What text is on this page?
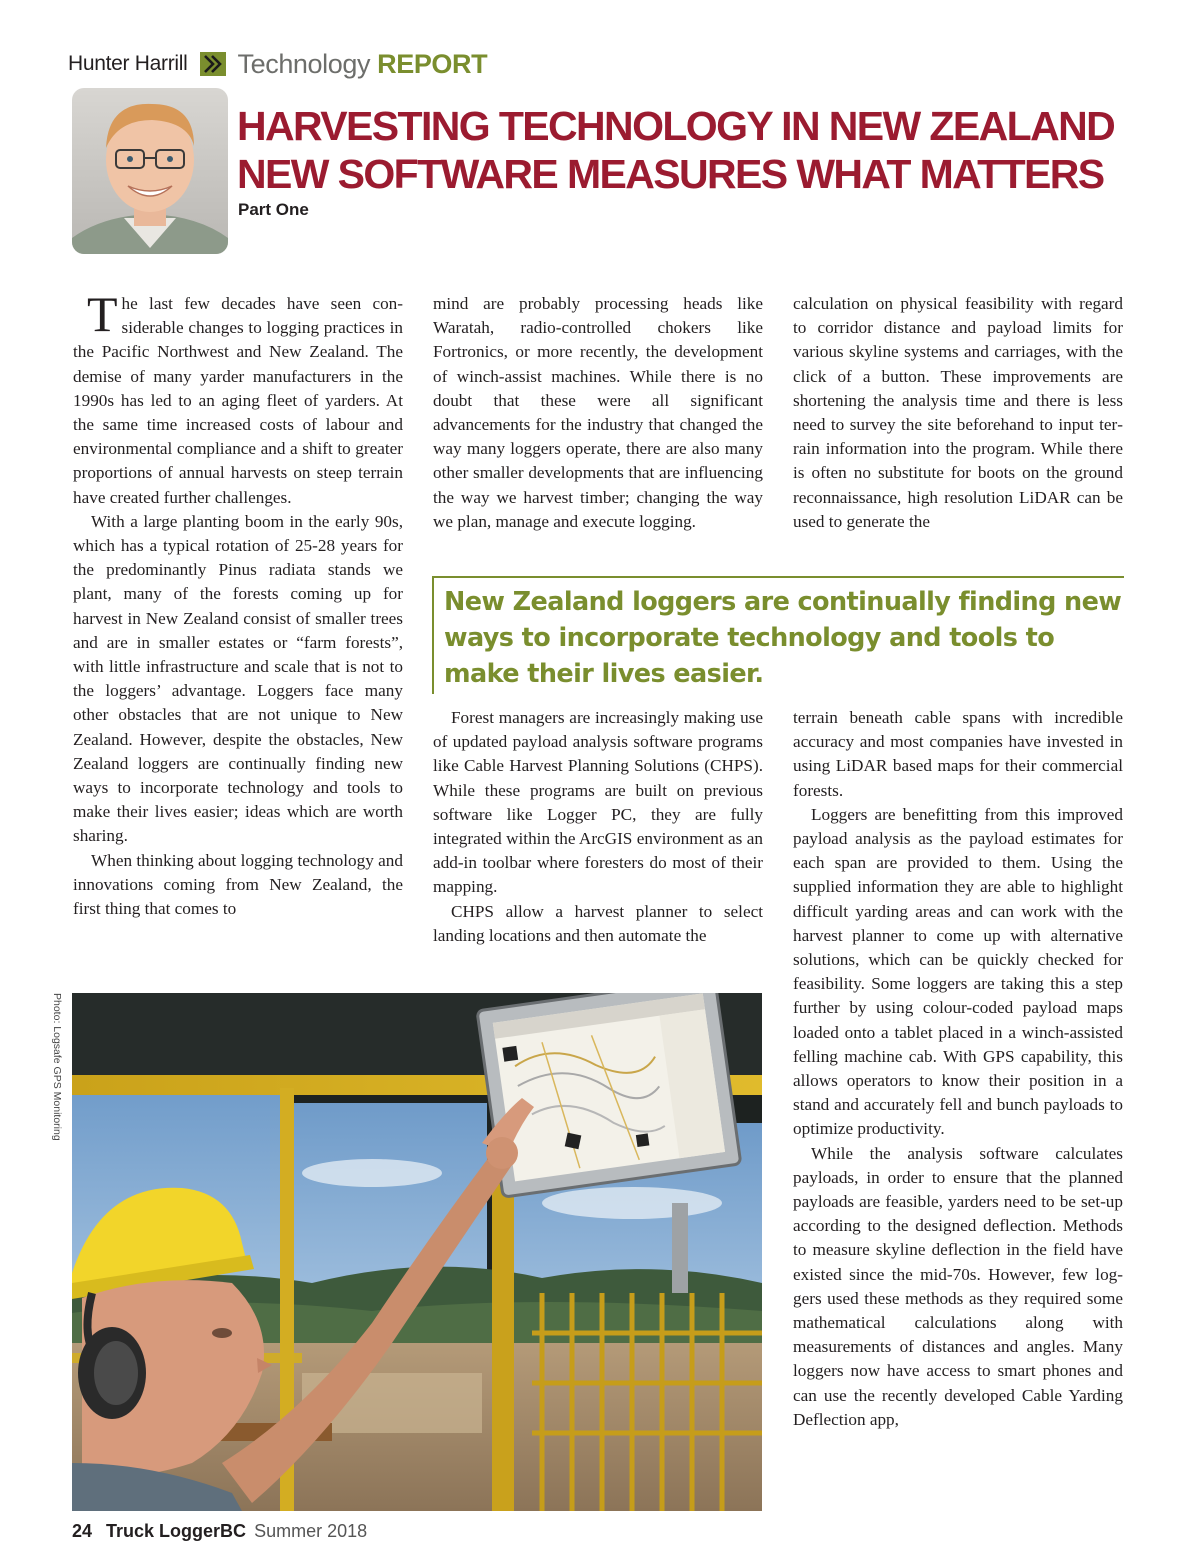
Hunter Harrill Technology REPORT
HARVESTING TECHNOLOGY IN NEW ZEALAND
NEW SOFTWARE MEASURES WHAT MATTERS
Part One

The last few decades have seen considerable changes to logging practices in the Pacific Northwest and New Zealand. The demise of many yarder manufacturers in the 1990s has led to an aging fleet of yarders. At the same time increased costs of labour and environmental compliance and a shift to greater proportions of annual harvests on steep terrain have created further challenges.

With a large planting boom in the early 90s, which has a typical rotation of 25-28 years for the predominantly Pinus radiata stands we plant, many of the forests coming up for harvest in New Zealand consist of smaller trees and are in smaller estates or “farm forests”, with little infrastructure and scale that is not to the loggers’ advantage. Loggers face many other obstacles that are not unique to New Zealand. However, despite the obstacles, New Zealand loggers are continually finding new ways to incorporate technology and tools to make their lives easier; ideas which are worth sharing.

When thinking about logging technology and innovations coming from New Zealand, the first thing that comes to

mind are probably processing heads like Waratah, radio-controlled chokers like Fortronics, or more recently, the development of winch-assist machines. While there is no doubt that these were all significant advancements for the industry that changed the way many loggers operate, there are also many other smaller developments that are influencing the way we harvest timber; changing the way we plan, manage and execute logging.

calculation on physical feasibility with regard to corridor distance and payload limits for various skyline systems and carriages, with the click of a button. These improvements are shortening the analysis time and there is less need to survey the site beforehand to input terrain information into the program. While there is often no substitute for boots on the ground reconnaissance, high resolution LiDAR can be used to generate the

New Zealand loggers are continually finding new ways to incorporate technology and tools to make their lives easier.

Forest managers are increasingly making use of updated payload analysis software programs like Cable Harvest Planning Solutions (CHPS). While these programs are built on previous software like Logger PC, they are fully integrated within the ArcGIS environment as an add-in toolbar where foresters do most of their mapping.

CHPS allow a harvest planner to select landing locations and then automate the

terrain beneath cable spans with incredible accuracy and most companies have invested in using LiDAR based maps for their commercial forests.

Loggers are benefitting from this improved payload analysis as the payload estimates for each span are provided to them. Using the supplied information they are able to highlight difficult yarding areas and can work with the harvest planner to come up with alternative solutions, which can be quickly checked for feasibility. Some loggers are taking this a step further by using colour-coded payload maps loaded onto a tablet placed in a winch-assisted felling machine cab. With GPS capability, this allows operators to know their position in a stand and accurately fell and bunch payloads to optimize productivity.

While the analysis software calculates payloads, in order to ensure that the planned payloads are feasible, yarders need to be set-up according to the designed deflection. Methods to measure skyline deflection in the field have existed since the mid-70s. However, few loggers used these methods as they required some mathematical calculations along with measurements of distances and angles. Many loggers now have access to smart phones and can use the recently developed Cable Yarding Deflection app,

Photo: Logsafe GPS Monitoring
24 Truck LoggerBC Summer 2018
